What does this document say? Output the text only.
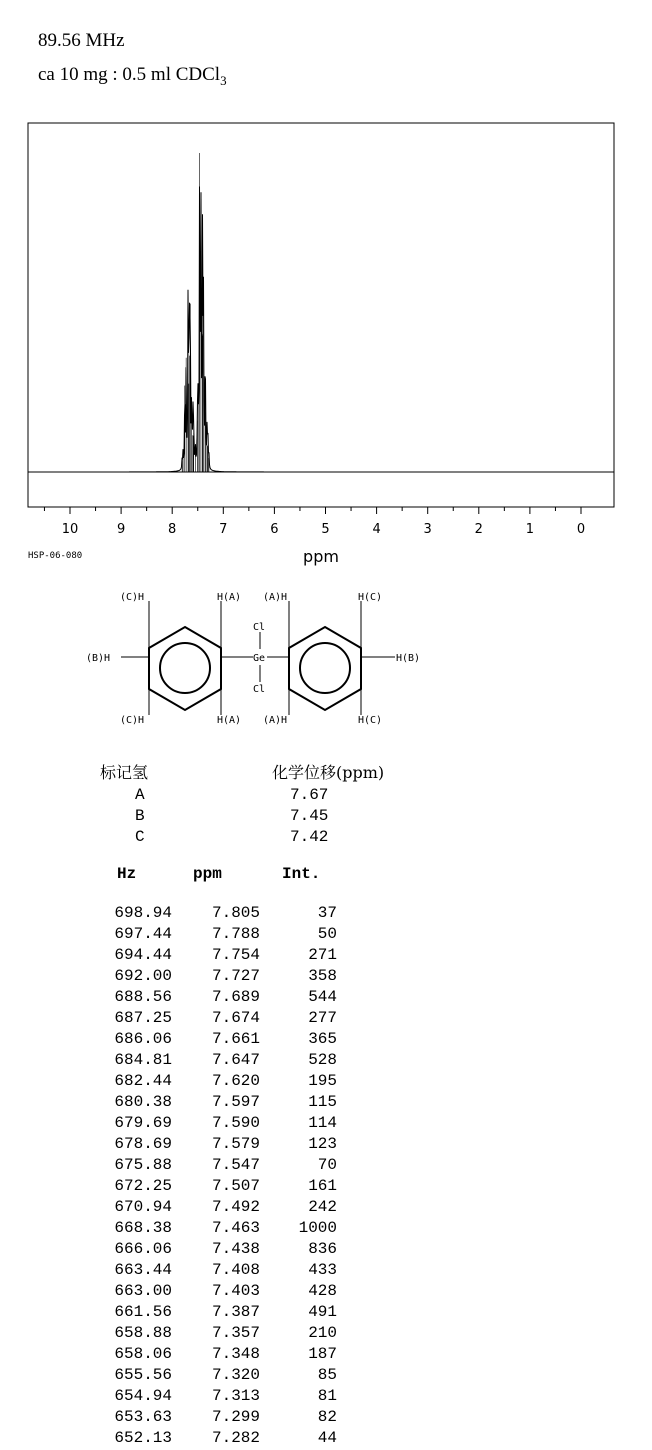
89.56 MHz
ca 10 mg : 0.5 ml CDCl$_3$
10	9	8	7	6	5	4	3	2	1	0
ppm
HSP-06-080
(C)H	H(A) (A)H	H(C)
Cl
(B)H	Ge	H(B)
Cl
(C)H	H(A) (A)H	H(C)
标记氢	化学位移(ppm)
A	7.67
B	7.45
C	7.42
Hz	ppm	Int.
698.94 7.805	37
697.44 7.788	50
694.44 7.754	271
692.00 7.727	358
688.56 7.689	544
687.25 7.674	277
686.06 7.661	365
684.81 7.647	528
682.44 7.620	195
680.38 7.597	115
679.69 7.590	114
678.69 7.579	123
675.88 7.547	70
672.25 7.507	161
670.94 7.492	242
668.38 7.463 1000
666.06 7.438	836
663.44 7.408	433
663.00 7.403	428
661.56 7.387	491
658.88 7.357	210
658.06 7.348	187
655.56 7.320	85
654.94 7.313	81
653.63 7.299	82
652.13 7.282	44
